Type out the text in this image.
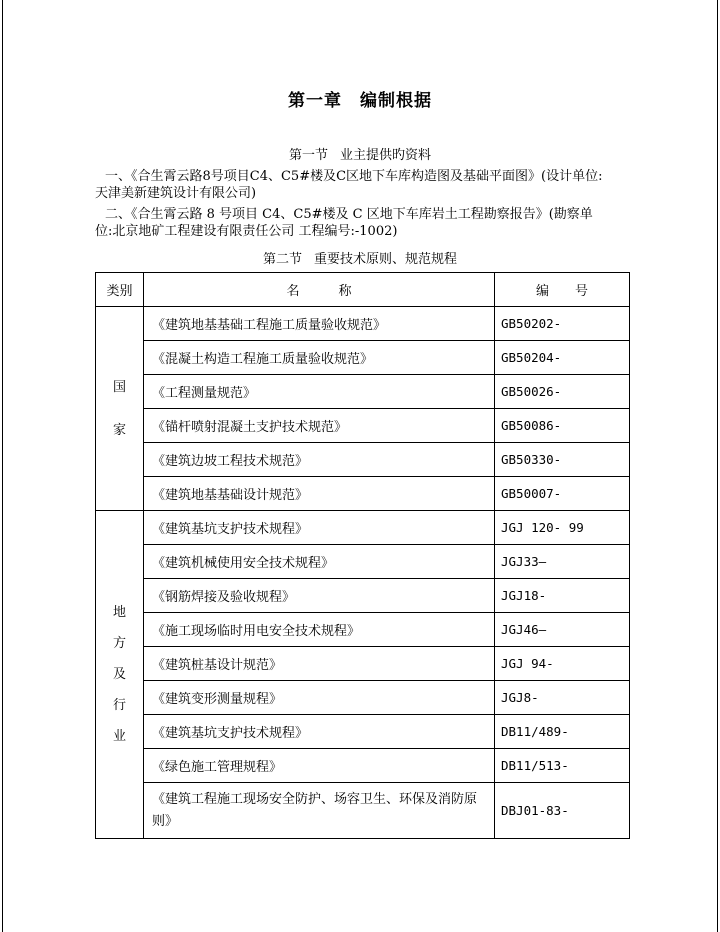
第一章 编制根据
第一节 业主提供旳资料
一、《合生霄云路8号项目C4、C5#楼及C区地下车库构造图及基础平面图》(设计单位:
天津美新建筑设计有限公司)
二、《合生霄云路 8 号项目 C4、C5#楼及 C 区地下车库岩土工程勘察报告》(勘察单
位:北京地矿工程建设有限责任公司 工程编号:-1002)
第二节 重要技术原则、规范规程
类别	名　　　称	编　　号

国
家	《建筑地基基础工程施工质量验收规范》	GB50202-
	《混凝土构造工程施工质量验收规范》	GB50204-
	《工程测量规范》	GB50026-
	《锚杆喷射混凝土支护技术规范》	GB50086-
	《建筑边坡工程技术规范》	GB50330-
	《建筑地基基础设计规范》	GB50007-

地
方
及
行
业	《建筑基坑支护技术规程》	JGJ 120- 99
	《建筑机械使用安全技术规程》	JGJ33—
	《钢筋焊接及验收规程》	JGJ18-
	《施工现场临时用电安全技术规程》	JGJ46—
	《建筑桩基设计规范》	JGJ 94-
	《建筑变形测量规程》	JGJ8-
	《建筑基坑支护技术规程》	DB11/489-
	《绿色施工管理规程》	DB11/513-
	《建筑工程施工现场安全防护、场容卫生、环保及消防原则》	DBJ01-83-
